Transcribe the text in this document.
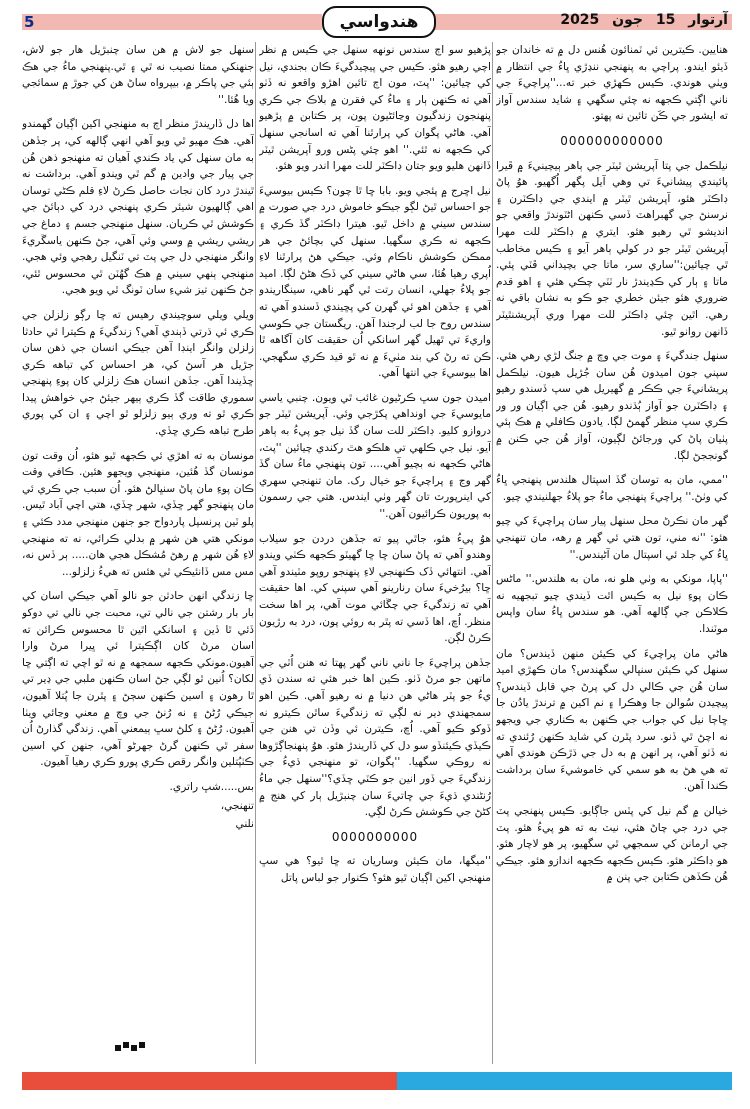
5	هندواسي	آرتوار 15 جون 2025

هنايين. ڪيترين ئي ٽمنائون هُنس دل ۾ ته خاندان جو ڏيئو ايندو. پراچي به پنهنجي ننڍڙي ڀاءُ جي انتظار ۾ ويٺي هوندي. ڪيس ڪهڙي خبر ته...''پراچيءَ جي ناني اڳتي ڪجهه نه چئي سگهي ۽ شايد سندس آواز ته ايشور جي ڪَن تائين نه پهتو.

000000000000

نيلڪمل جي پتا آپريشن ٿيٽر جي ٻاهر ٻيچينيءَ ۾ ڦيرا پائيندي پيشانيءَ تي وهي آيل پگهر اُگهيو. هوُ پاڻ ڊاڪٽر هئو، آپريشن ٿيٽر ۾ ايندي جي ڊاڪٽرن ۽ نرسنڻ جي گهبراهٽ ڏسي ڪنهن اڻٽوندڙ واقعي جو انديشو ٿي رهيو هئو. ايتري ۾ ڊاڪٽر للت مهرا آپريشن ٿيٽر جو در کولي ٻاهر آيو ۽ ڪيس مخاطب ٿي چيائين:''ساري سر، ماتا جي بچيداني ڦٽي پئي. ماتا ۽ ٻار کي ڪڍيندڙ نار ٽٽي چڪي هئي ۽ اهو قدم ضروري هئو جيئن خطري جو ڪو به نشان باقي نه رهي. اٿين چئي ڊاڪٽر للت مهرا وري آپريشنٿيٽر ڏانهن روانو ٿيو.

سنهل جندگيءَ ۽ موت جي وچ ۾ جنگ لڙي رهي هئي. سپني جون اميدون هُن سان جُڙيل هيون. نيلڪمل پريشانيءَ جي ڪڪر ۾ گهيريل هي سپ ڏسندو رهيو ۽ ڊاڪٽرن جو آواز ٻُڌندو رهيو. هُن جي اڳيان ور ور ڪري سڀ منظر گهمڻ لڳا. يادون ڪافلي ۾ هڪ ٻئي پٺيان پاڻ کي ورجائڻ لڳيون، آواز هُن جي ڪنن ۾ گونججڻ لڳا.

''ممي، مان به توسان گڏ اسپتال هلندس پنهنجي ڀاءُ کي وٺڻ.'' پراچيءَ پنهنجي ماءُ جو پلاءُ جهلنيندي چيو.

گهر مان نڪرڻ محل سنهل پيار سان پراچيءَ کي چيو هئو: ''نه مني، تون هتي ئي گهر ۾ رهه، مان تنهنجي ڀاءُ کي جلد ئي اسپتال مان آڻيندس.''

''پاپا، مونکي به وٺي هلو نه، مان به هلندس.'' ماڻس ڪان پوءِ نيل به ڪيس اٿت ڏيندي چيو تبجهيه نه ڪلاڪن جي ڳالهه آهي. هو سندس ڀاءُ سان واپس موٽندا.

هاڻي مان پراچيءَ کي ڪيئن منهن ڏيندس؟ مان سنهل کي ڪيئن سنڀالي سگهندس؟ مان ڪهڙي اميد سان هُن جي ڪالي دل کي پرڻ جي قابل ڏيندس؟ پيچيدن سُوالن جا وهڪرا ۽ نم اکين ۾ ترندڙ يادُن جا ڇاڄا نيل کي جواب جي ڪنهن به ڪناري جي ويجهو نه اچڻ ٿي ڏنو. سرد پٿرن کي شايد ڪنهن رُئندي ته نه ڏٺو آهي، پر انهن ۾ به دل جي ڌڙڪن هوندي آهي ته هي هڻ به هو سمي کي خاموشيءَ سان برداشت ڪندا آهن.

خيالن ۾ گم نيل کي پٽس جاڳايو. ڪيس پنهنجي پٽ جي درد جي چاڻ هئي، نيٽ به ته هو پيءُ هئو. پٽ جي ارمانن کي سمجهي ٿي سگهيو، پر هو لاچار هئو. هو ڊاڪٽر هئو. ڪيس ڪجهه ڪجهه اندازو هئو. جيڪي هُن ڪڏهن ڪتابن جي پنن ۾

پڙهيو سو اڄ سندس نونهه سنهل جي ڪيس ۾ نظر اچي رهيو هئو. ڪيس جي پيچيدگيءَ ڪان بجندي، نيل کي چيائين: ''پٽ، مون اڄ تائين اهڙو واقعو نه ڏٺو آهي ته ڪنهن ٻار ۽ ماءُ کي فقرن ۾ بلاڪ جي ڪري پنهنجون زندگيون وڃائڻيون پون، پر ڪتابن ۾ پڙهيو آهي. هاڻي پگوان کي پرارٿنا آهي ته اسانجي سنهل کي ڪجهه نه ٿئي.'' اهو چئي پڻس ورو آپريشن ٿيٽر ڏانهن هليو ويو جتان ڊاڪٽر للت مهرا اندر ويو هئو.

نيل اڇرج ۾ پئجي ويو. بابا ڇا ٿا چون؟ ڪيس بيوسيءَ جو احساس ٿيڻ لڳو جيڪو خاموش درد جي صورت ۾ سندس سيني ۾ داخل ٿيو. هيترا ڊاڪٽر گڏ ڪري ۽ ڪجهه نه ڪري سگهيا. سنهل کي بچائڻ جي هر ممڪن ڪوشش ناڪام وئي. جيڪي هڻ پرارٿنا لاءِ اُپري رهيا هُئا، سي هاڻي سيني کي ڏڪ هڻڻ لڳا. اميد جو پلاءُ جهلي، انسان رتت ٿي گهر ناهي، سينگاريندو آهي ۽ جڏهن اهو ئي گهرن کي پڇيندي ڏسندو آهي ته سندس روح جا لب لرجندا آهن. ريگستان جي ڪوسي واريءَ تي ٿهيل گهر اسانکي اُن حقيقت کان آگاهه ٿا ڪن ته رڻ کي بند مٺيءَ ۾ نه ٿو قيد ڪري سگهجي. اها بيوسيءَ جي انتها آهي.

اميدن جون سڀ ڪرڻيون غائب ٿي ويون. چنبي ياسي مايوسيءَ جي اونداهي پکڙجي وئي. آپريشن ٿيٽر جو دروازو کليو. ڊاڪٽر للت سان گڏ نيل جو پيءُ به ٻاهر آيو. نيل جي ڪلهي تي هلڪو هٿ رکندي چيائين ''پٽ، هاڻي ڪجهه نه بچيو آهي.... تون پنهنجي ماءُ سان گڏ گهر وڃ ۽ پراچيءَ جو خيال رک. مان تنهنجي سهري کي اينرپورٽ تان گهر وٺي ايندس. هتي جي رسمون به پوريون ڪرائيون آهن.''

هوُ پيءُ هئو، جاٿي پيو ته جڏهن دردن جو سيلاب وهندو آهي ته پاڻ سان ڇا ڇا گهيٽو ڪجهه ڪٺي ويندو آهي. انتهائي ڏک ڪنهنجي لاءِ پنهنجو روپو مٽيندو آهي ڇا؟ بيرُخيءَ سان رنارينو آهي سپني کي. اها حقيقت آهي ته زندگيءَ جي چڱائي موت آهي، پر اها سخت منظر. اُڇ، اها ڏسي ته پٿر به روئي پون، درد به رڙيون ڪرڻ لڳن.

جڏهن پراچيءَ جا ناني ناني گهر پهتا ته هنن اُٽي جي ماتهن جو مرڻ ڏٺو. ڪين اها خبر هئي ته سندن ڏي يءُ جو پٽر هاڻي هن دنيا ۾ نه رهيو آهي. ڪين اهو سمجهندي دير نه لڳي ته زندگيءَ ساٿن ڪيترو نه ڏوکو ڪيو آهي. اُڇ، ڪيترن ئي وڏن تي هنن جي ڪيڏي ڪيئنڏو سو دل کي ڏاريندڙ هئو. هوُ پنهنجاڳڙوها نه روڪي سگهيا. ''پگوان، تو منهنجي ڌيءُ جي زندگيءَ جي ڏور انين جو ڪٽي ڇڏي؟''سنهل جي ماءُ رُنڻندي ڌيءَ جي ڇاتيءَ سان چنبڙيل ٻار کي هنج ۾ کڻڻ جي ڪوشش ڪرڻ لڳي.

0000000000

''ميگها، مان ڪيئن وساريان ته ڇا ٿيو؟ هي سڀ منهنجي اکين اڳيان ٿيو هئو؟ ڪنوار جو لباس پاتل

سنهل جو لاش ۾ هن سان چنبڙيل هار جو لاش، جنهنکي ممتا نصيب نه ٿي ۽ ٿي.پنهنجي ماءُ جي هڪ ٻئي جي پاڪر ۾، بيپرواه ساڻ هن کي جوڙ ۾ سمائجي ويا هُئا.''

اها دل ڏاريندڙ منظر اڄ به منهنجي اکين اڳيان گهمندو آهي. هڪ مهيو ٿي ويو آهي انهي ڳالهه کي، پر جڏهن به مان سنهل کي ياد ڪندي آهيان ته منهنجو ذهن هُن جي پيار جي وادين ۾ گم ٿي ويندو آهي. برداشت نه ٿيندڙ درد کان نجات حاصل ڪرڻ لاءِ قلم ڪڻي توسان اهي ڳالهيون شيئر ڪري پنهنجي درد کي دٻائڻ جي ڪوشش ٿي ڪريان. سنهل منهنجي جسم ۽ دماغ جي ريشي ريشي ۾ وسي وئي آهي، جڻ ڪنهن ياسڱريءَ وانگر منهنجي دل جي پٽ تي ٽنگيل رهجي وئي هجي. منهنجي ٻنهي سيني ۾ هڪ گهُٽن ٿي محسوس ٿئي، جڻ ڪنهن تيز شيءِ سان ٽونگ ٿي ويو هجي.

ويلي ويلي سوچيندي رهيس ته ڇا رڳو زلزلن جي ڪري ئي ڌرتي ڏٻندي آهي؟ زندگيءَ ۾ ڪيترا ئي حادثا زلزلن وانگر اينڊا آهن جيڪي انسان جي ذهن سان جڙيل هر آسڻ کي، هر احساس کي تباهه ڪري ڇڏيندا آهن. جڏهن انسان هڪ زلزلي کان پوءِ پنهنجي سموري طاقت گڏ ڪري ٻيهر جيئڻ جي خواهش پيدا ڪري ٿو ته وري ٻيو زلزلو ٿو اچي ۽ ان کي پوري طرح تباهه ڪري ڇڏي.

مونسان به ته اهڙي ئي ڪجهه ٿيو هئو، اُن وقت تون مونسان گڏ هُئين، منهنجي ويجهو هئين. ڪافي وقت ڪان پوءِ مان پاڻ سنڀالڻ هئو. اُن سبب جي ڪري ئي مان پنهنجو گهر ڇڏي، شهر ڇڏي، هتي اچي آباد ٿيس. پلو ٽين پرنسپل پاردواح جو جنهن منهنجي مدد ڪئي ۽ مونکي هتي هن شهر ۾ بدلي ڪرائي، نه ته منهنجي لاءِ هُن شهر ۾ رهڻ مُشڪل هجي هان..... ٻر ڏس نه، مس مس ڏانئيڪي ٿي هئس ته هيءُ زلزلو...

ڇا زندگي انهن حادثن جو نالو آهي جيڪي اسان کي بار بار رشتن جي نالي تي، محبت جي نالي تي دوکو ڏئي ٿا ڏين ۽ اسانکي اٿين ٿا محسوس ڪرائن ته اسان مرڻ کان اڳڪيترا ئي ڀيرا مرڻ وارا آهيون.مونکي ڪجهه سمجهه ۾ نه ٿو اچي ته اڳتي ڇا لکان؟ اُنين ٿو لڳي جڻ اسان ڪنهن ملبي جي ڍير تي ٿا رهون ۽ اسين ڪنهن سڄڻ ۽ پٿرن جا پُتلا آهيون، جيڪي رُڻڻ ۽ نه رُنڻ جي وچ ۾ معني وڃائي ويٺا آهيون. رُڻڻ ۽ کلڻ سڀ ٻيمعني آهي. زندگي گذارڻ اُن سفر ٿي ڪنهن گرڻ جهرڻو آهي، جنهن کي اسين ڪٺپُتلين وانگر رقص ڪري پورو ڪري رهيا آهيون.

بس.....شڀ راتري.

تنهنجي،

نلني
